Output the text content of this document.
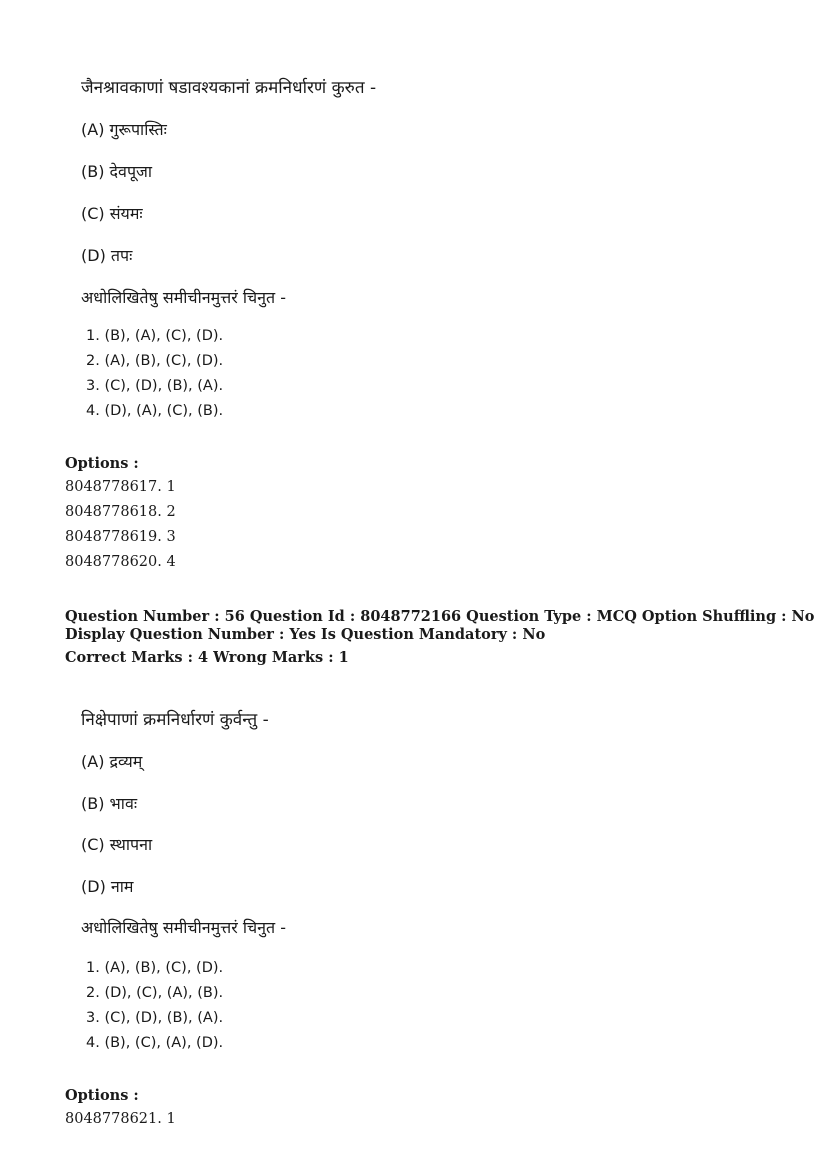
जैनश्रावकाणां षडावश्यकानां क्रमनिर्धारणं कुरुत -
(A) गुरूपास्तिः
(B) देवपूजा
(C) संयमः
(D) तपः
अधोलिखितेषु समीचीनमुत्तरं चिनुत -
1. (B), (A), (C), (D).
2. (A), (B), (C), (D).
3. (C), (D), (B), (A).
4. (D), (A), (C), (B).
Options :
8048778617. 1
8048778618. 2
8048778619. 3
8048778620. 4
Question Number : 56 Question Id : 8048772166 Question Type : MCQ Option Shuffling : No
Display Question Number : Yes Is Question Mandatory : No
Correct Marks : 4 Wrong Marks : 1
निक्षेपाणां क्रमनिर्धारणं कुर्वन्तु -
(A) द्रव्यम्
(B) भावः
(C) स्थापना
(D) नाम
अधोलिखितेषु समीचीनमुत्तरं चिनुत -
1. (A), (B), (C), (D).
2. (D), (C), (A), (B).
3. (C), (D), (B), (A).
4. (B), (C), (A), (D).
Options :
8048778621. 1
